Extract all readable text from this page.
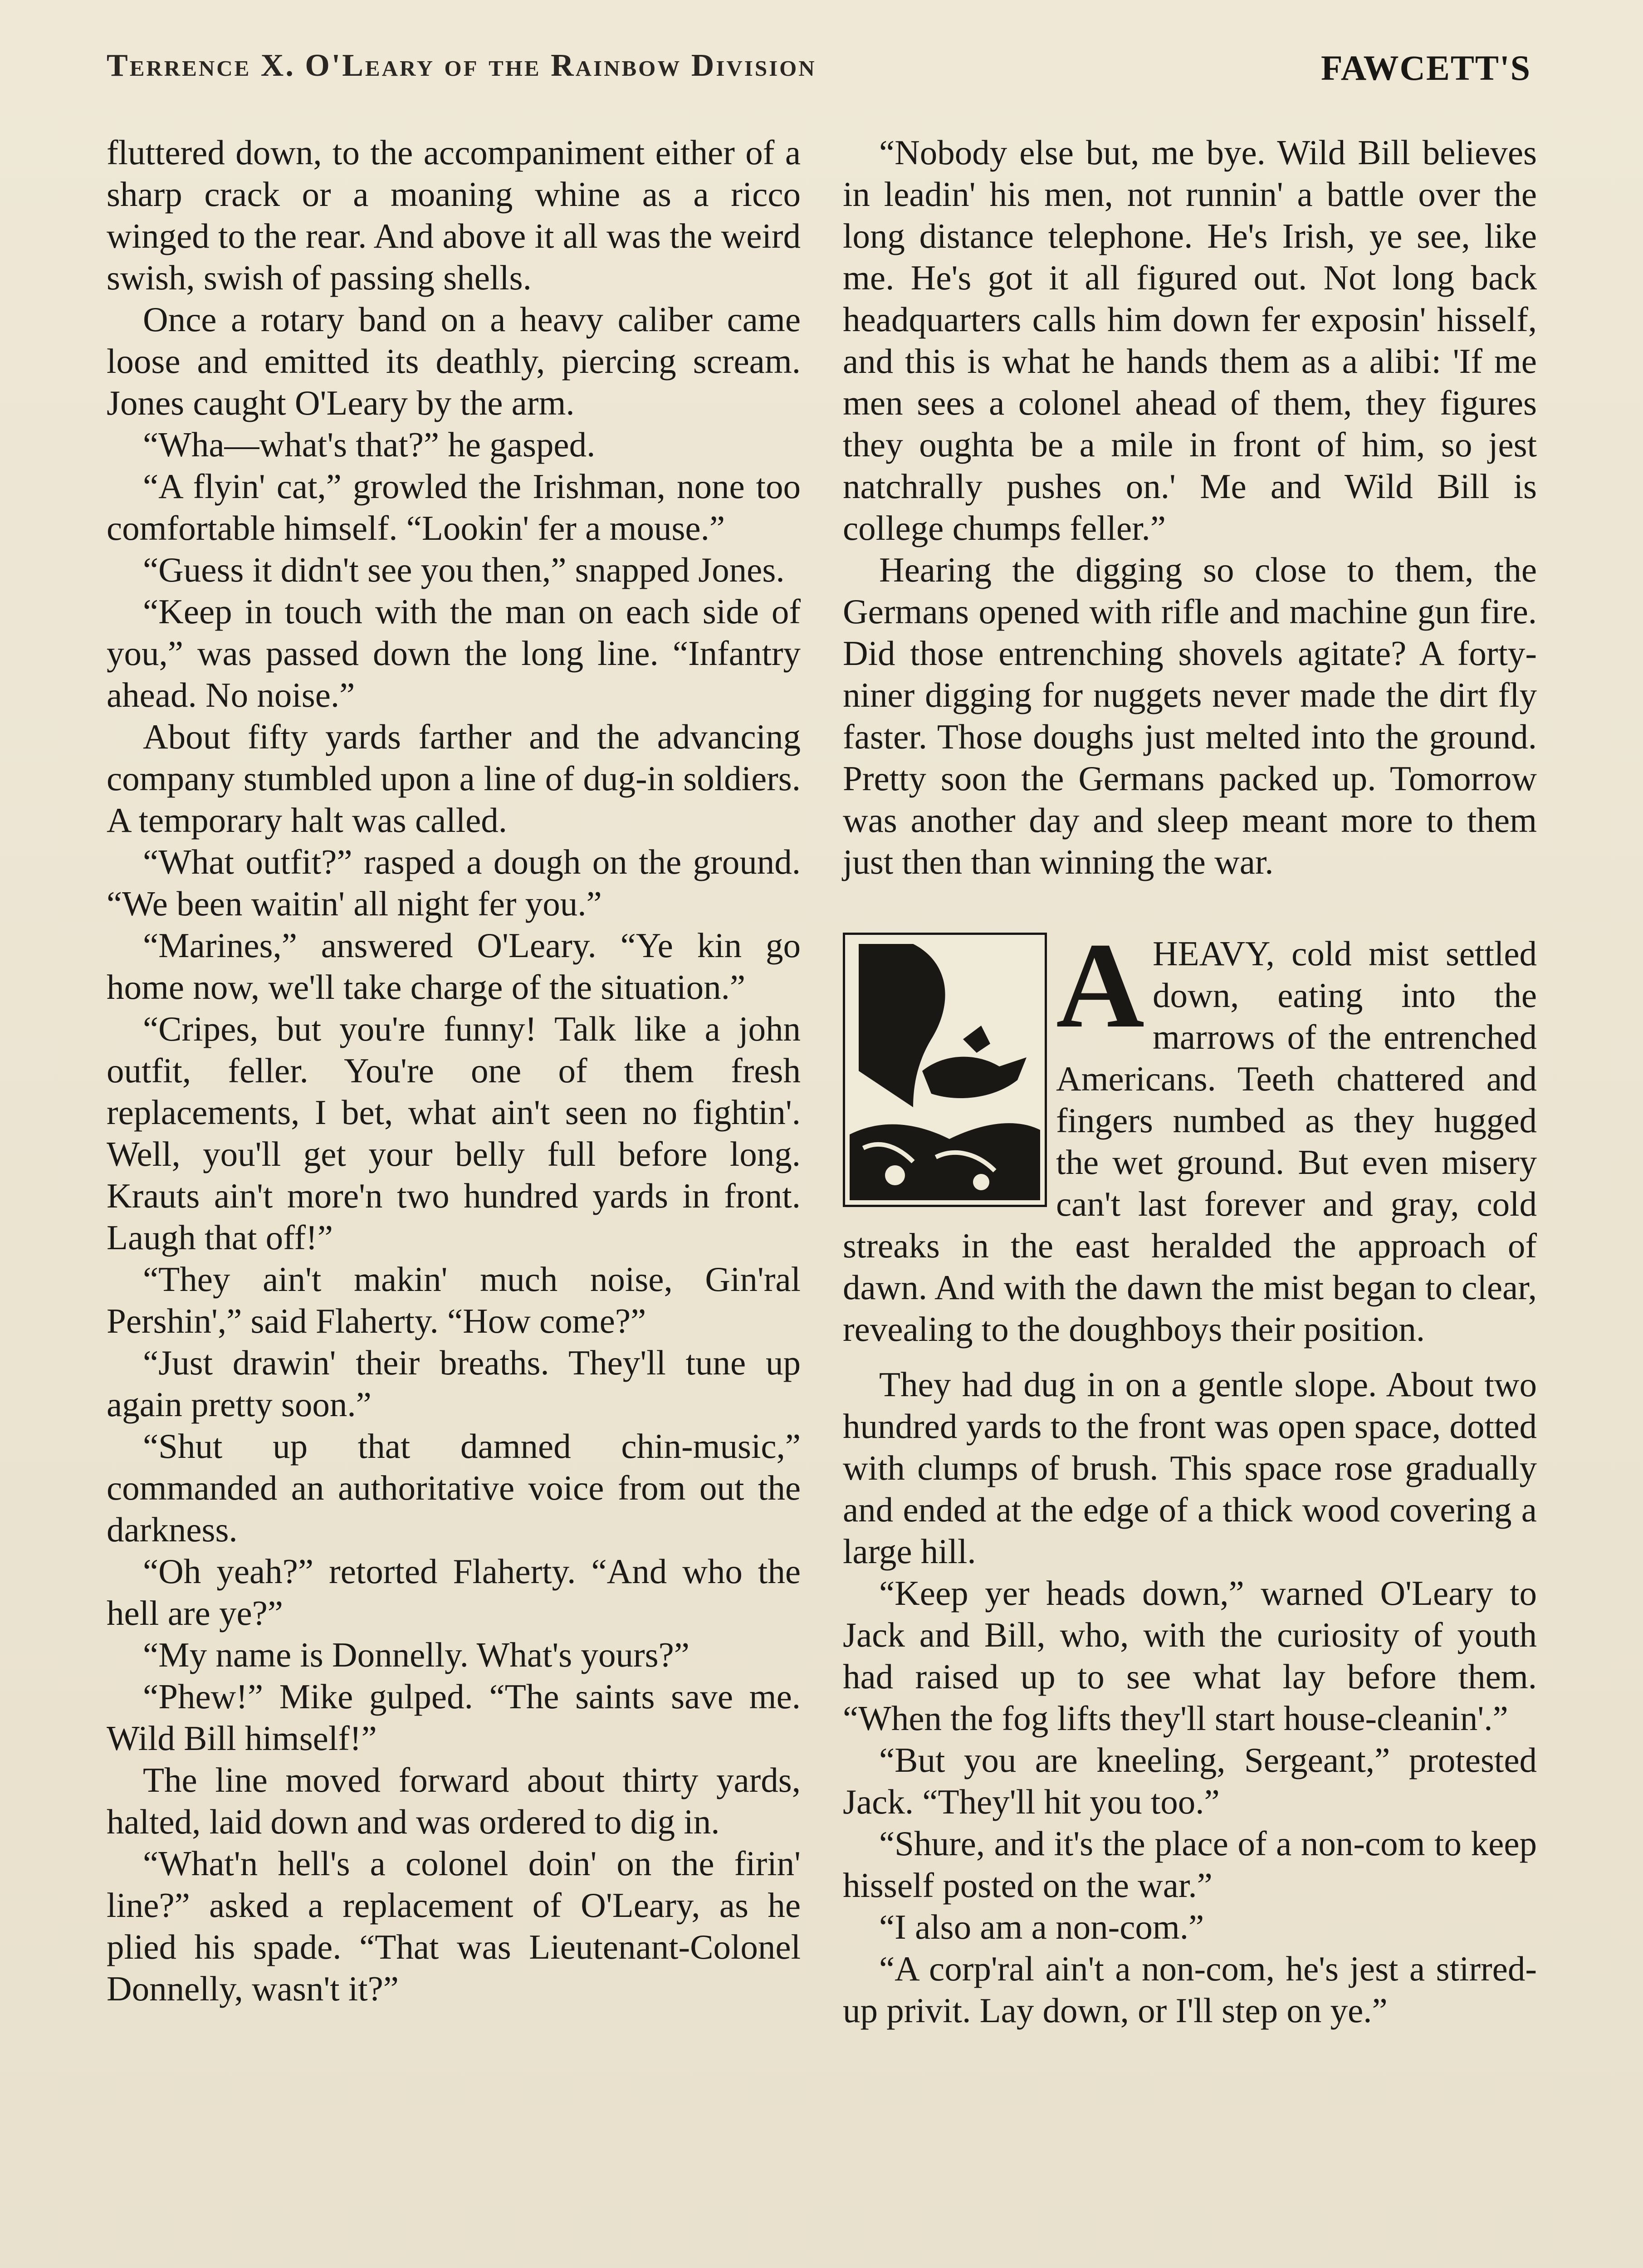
Terrence X. O'Leary of the Rainbow Division	FAWCETT'S

fluttered down, to the accompaniment either of a sharp crack or a moaning whine as a ricco winged to the rear. And above it all was the weird swish, swish of passing shells.

Once a rotary band on a heavy caliber came loose and emitted its deathly, piercing scream. Jones caught O'Leary by the arm.

“Wha—what's that?” he gasped.

“A flyin' cat,” growled the Irishman, none too comfortable himself. “Lookin' fer a mouse.”

“Guess it didn't see you then,” snapped Jones.

“Keep in touch with the man on each side of you,” was passed down the long line. “Infantry ahead. No noise.”

About fifty yards farther and the advancing company stumbled upon a line of dug-in soldiers. A temporary halt was called.

“What outfit?” rasped a dough on the ground. “We been waitin' all night fer you.”

“Marines,” answered O'Leary. “Ye kin go home now, we'll take charge of the situation.”

“Cripes, but you're funny! Talk like a john outfit, feller. You're one of them fresh replacements, I bet, what ain't seen no fightin'. Well, you'll get your belly full before long. Krauts ain't more'n two hundred yards in front. Laugh that off!”

“They ain't makin' much noise, Gin'ral Pershin',” said Flaherty. “How come?”

“Just drawin' their breaths. They'll tune up again pretty soon.”

“Shut up that damned chin-music,” commanded an authoritative voice from out the darkness.

“Oh yeah?” retorted Flaherty. “And who the hell are ye?”

“My name is Donnelly. What's yours?”

“Phew!” Mike gulped. “The saints save me. Wild Bill himself!”

The line moved forward about thirty yards, halted, laid down and was ordered to dig in.

“What'n hell's a colonel doin' on the firin' line?” asked a replacement of O'Leary, as he plied his spade. “That was Lieutenant-Colonel Donnelly, wasn't it?”

“Nobody else but, me bye. Wild Bill believes in leadin' his men, not runnin' a battle over the long distance telephone. He's Irish, ye see, like me. He's got it all figured out. Not long back headquarters calls him down fer exposin' hisself, and this is what he hands them as a alibi: 'If me men sees a colonel ahead of them, they figures they oughta be a mile in front of him, so jest natchrally pushes on.' Me and Wild Bill is college chumps feller.”

Hearing the digging so close to them, the Germans opened with rifle and machine gun fire. Did those entrenching shovels agitate? A forty-niner digging for nuggets never made the dirt fly faster. Those doughs just melted into the ground. Pretty soon the Germans packed up. Tomorrow was another day and sleep meant more to them just then than winning the war.

A HEAVY, cold mist settled down, eating into the marrows of the entrenched Americans. Teeth chattered and fingers numbed as they hugged the wet ground. But even misery can't last forever and gray, cold streaks in the east heralded the approach of dawn. And with the dawn the mist began to clear, revealing to the doughboys their position.

They had dug in on a gentle slope. About two hundred yards to the front was open space, dotted with clumps of brush. This space rose gradually and ended at the edge of a thick wood covering a large hill.

“Keep yer heads down,” warned O'Leary to Jack and Bill, who, with the curiosity of youth had raised up to see what lay before them. “When the fog lifts they'll start house-cleanin'.”

“But you are kneeling, Sergeant,” protested Jack. “They'll hit you too.”

“Shure, and it's the place of a non-com to keep hisself posted on the war.”

“I also am a non-com.”

“A corp'ral ain't a non-com, he's jest a stirred-up privit. Lay down, or I'll step on ye.”
